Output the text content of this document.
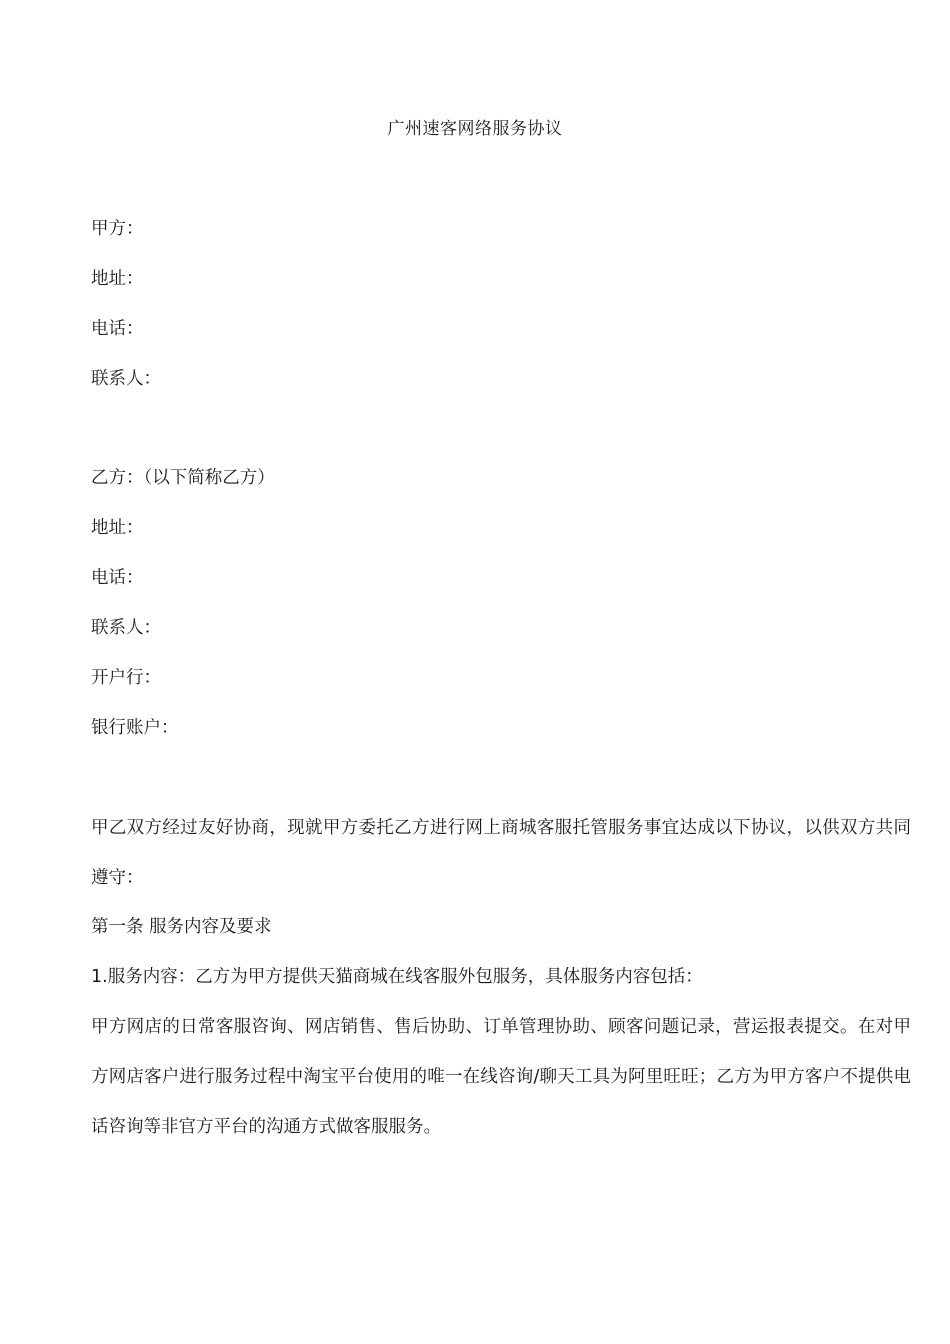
广州速客网络服务协议
甲方：
地址：
电话：
联系人：
乙方：（以下简称乙方）
地址：
电话：
联系人：
开户行：
银行账户：
甲乙双方经过友好协商，现就甲方委托乙方进行网上商城客服托管服务事宜达成以下协议，以供双方共同遵守：
第一条 服务内容及要求
1.服务内容：乙方为甲方提供天猫商城在线客服外包服务，具体服务内容包括：
甲方网店的日常客服咨询、网店销售、售后协助、订单管理协助、顾客问题记录，营运报表提交。在对甲方网店客户进行服务过程中淘宝平台使用的唯一在线咨询/聊天工具为阿里旺旺；乙方为甲方客户不提供电话咨询等非官方平台的沟通方式做客服服务。
